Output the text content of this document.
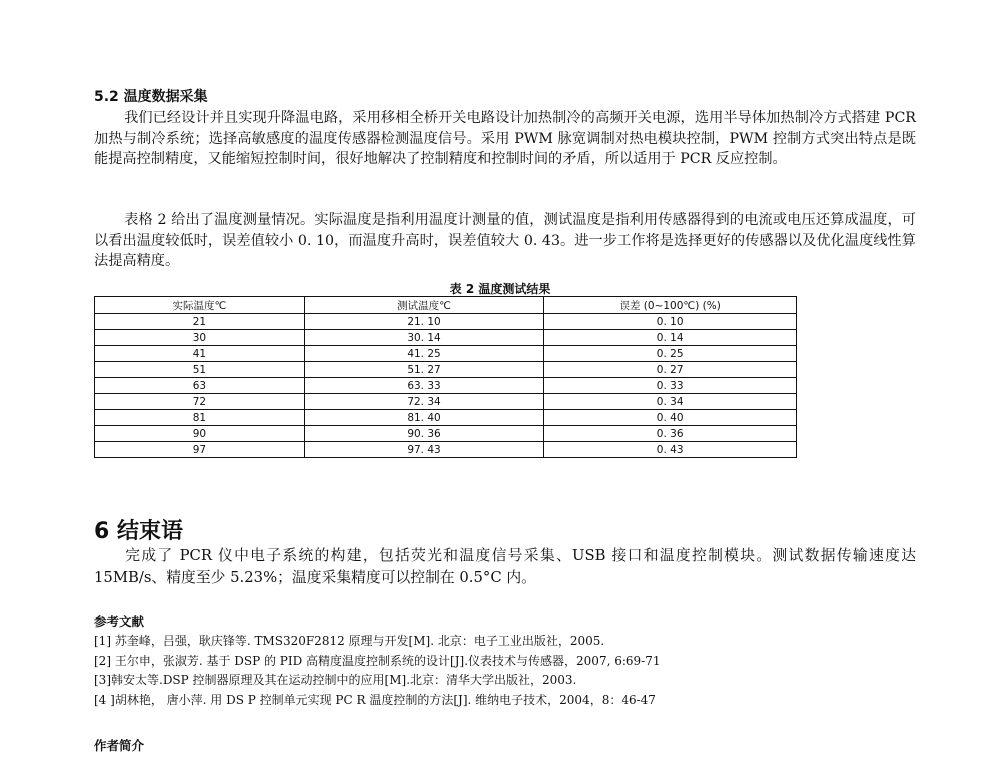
5.2 温度数据采集

我们已经设计并且实现升降温电路，采用移相全桥开关电路设计加热制冷的高频开关电源，选用半导体加热制冷方式搭建 PCR 加热与制冷系统；选择高敏感度的温度传感器检测温度信号。采用 PWM 脉宽调制对热电模块控制，PWM 控制方式突出特点是既能提高控制精度，又能缩短控制时间，很好地解决了控制精度和控制时间的矛盾，所以适用于 PCR 反应控制。

表格 2 给出了温度测量情况。实际温度是指利用温度计测量的值，测试温度是指利用传感器得到的电流或电压还算成温度，可以看出温度较低时，误差值较小 0. 10，而温度升高时，误差值较大 0. 43。进一步工作将是选择更好的传感器以及优化温度线性算法提高精度。

表 2 温度测试结果
实际温度℃	测试温度℃	误差 (0~100℃) (%)
21	21. 10	0. 10
30	30. 14	0. 14
41	41. 25	0. 25
51	51. 27	0. 27
63	63. 33	0. 33
72	72. 34	0. 34
81	81. 40	0. 40
90	90. 36	0. 36
97	97. 43	0. 43
6 结束语

完成了 PCR 仪中电子系统的构建，包括荧光和温度信号采集、USB 接口和温度控制模块。测试数据传输速度达 15MB/s、精度至少 5.23%；温度采集精度可以控制在 0.5°C 内。

参考文献
[1] 苏奎峰，吕强，耿庆锋等. TMS320F2812 原理与开发[M]. 北京：电子工业出版社，2005.
[2] 王尔申，张淑芳. 基于 DSP 的 PID 高精度温度控制系统的设计[J].仪表技术与传感器，2007, 6:69-71
[3]韩安太等.DSP 控制器原理及其在运动控制中的应用[M].北京：清华大学出版社，2003.
[4 ]胡林艳， 唐小萍. 用 DS P 控制单元实现 PC R 温度控制的方法[J]. 维纳电子技术，2004，8：46-47
作者简介
